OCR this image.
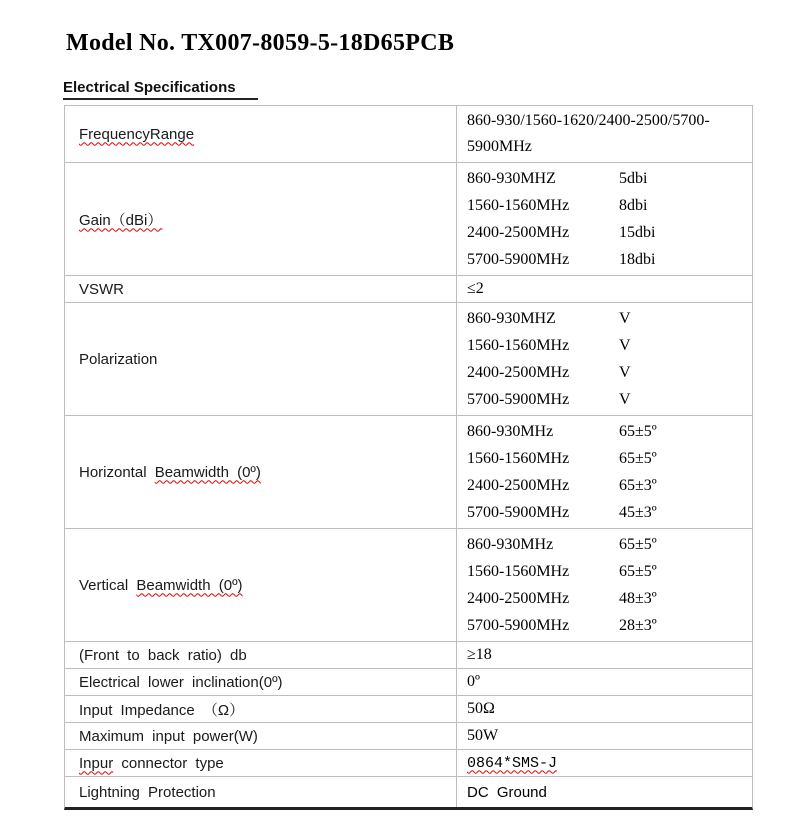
Model No. TX007-8059-5-18D65PCB
Electrical Specifications
FrequencyRange
860-930/1560-1620/2400-2500/5700-5900MHz
Gain（dBi）
860-930MHZ	5dbi
1560-1560MHz	8dbi
2400-2500MHz	15dbi
5700-5900MHz	18dbi
VSWR	≤2
Polarization
860-930MHZ	V
1560-1560MHz	V
2400-2500MHz	V
5700-5900MHz	V
Horizontal Beamwidth (0º)
860-930MHz	65±5º
1560-1560MHz	65±5º
2400-2500MHz	65±3º
5700-5900MHz	45±3º
Vertical Beamwidth (0º)
860-930MHz	65±5º
1560-1560MHz	65±5º
2400-2500MHz	48±3º
5700-5900MHz	28±3º
(Front to back ratio) db	≥18
Electrical lower inclination(0º)	0º
Input Impedance （Ω）	50Ω
Maximum input power(W)	50W
Inpur connector type	0864*SMS-J
Lightning Protection	DC Ground
